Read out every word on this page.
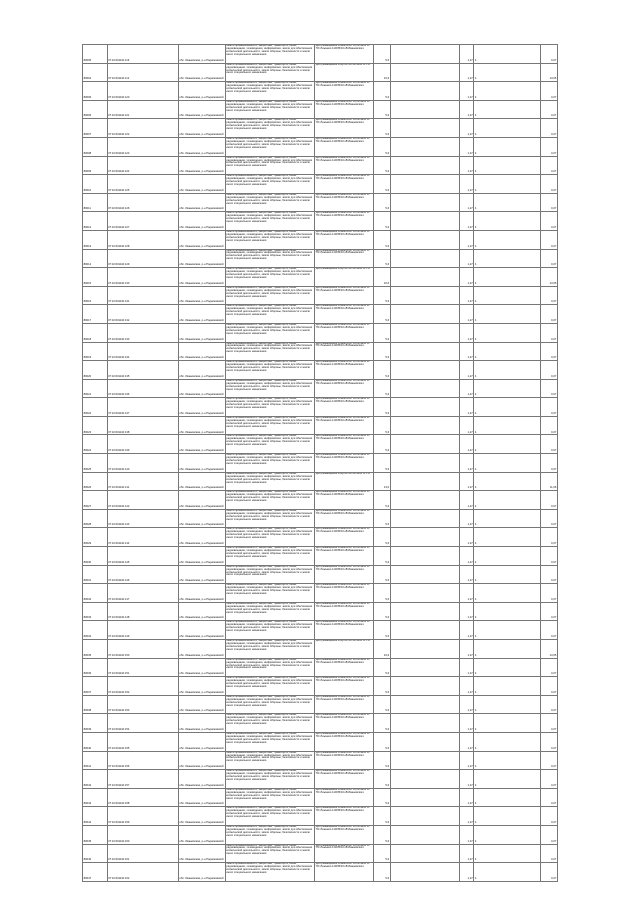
80005	37:10:001110:119	обл. Ивановская, р-н Родниковский	Земли промышленности, энергетики, транспорта, связи, радиовещания, телевидения, информатики, земли для обеспечения космической деятельности, земли обороны, безопасности и земли иного специального назначения	Для размещения объекта ВЛ 10 кВ №41 от ПС Лежнево 110/35/10 кВ Ивановского	5,6		1,27	4	0,07
80004	37:10:001110:112	обл. Ивановская, р-н Родниковский	Земли промышленности, энергетики, транспорта, связи, радиовещания, телевидения, информатики, земли для обеспечения космической деятельности, земли обороны, безопасности и земли иного специального назначения	Для размещения опор ВЛ-10 кВ №41 от ПС	16,6		1,27	4	13,65
80006	37:10:001110:120	обл. Ивановская, р-н Родниковский	Земли промышленности, энергетики, транспорта, связи, радиовещания, телевидения, информатики, земли для обеспечения космической деятельности, земли обороны, безопасности и земли иного специального назначения	Для размещения объекта ВЛ 10 кВ №41 от ПС Лежнево 110/35/10 кВ Ивановского	5,6		1,27	4	0,07
80006	37:10:001110:121	обл. Ивановская, р-н Родниковский	Земли промышленности, энергетики, транспорта, связи, радиовещания, телевидения, информатики, земли для обеспечения космической деятельности, земли обороны, безопасности и земли иного специального назначения	Для размещения объекта ВЛ 10 кВ №41 от ПС Лежнево 110/35/10 кВ Ивановского	5,6		1,27	4	0,07
80007	37:10:001110:122	обл. Ивановская, р-н Родниковский	Земли промышленности, энергетики, транспорта, связи, радиовещания, телевидения, информатики, земли для обеспечения космической деятельности, земли обороны, безопасности и земли иного специального назначения	Для размещения объекта ВЛ 10 кВ №41 от ПС Лежнево 110/35/10 кВ Ивановского	5,6		1,27	4	0,07
80008	37:10:001110:123	обл. Ивановская, р-н Родниковский	Земли промышленности, энергетики, транспорта, связи, радиовещания, телевидения, информатики, земли для обеспечения космической деятельности, земли обороны, безопасности и земли иного специального назначения	Для размещения объекта ВЛ 10 кВ №41 от ПС Лежнево 110/35/10 кВ Ивановского	5,6		1,27	4	0,07
80009	37:10:001110:124	обл. Ивановская, р-н Родниковский	Земли промышленности, энергетики, транспорта, связи, радиовещания, телевидения, информатики, земли для обеспечения космической деятельности, земли обороны, безопасности и земли иного специального назначения	Для размещения объекта ВЛ 10 кВ №41 от ПС Лежнево 110/35/10 кВ Ивановского	5,6		1,27	4	0,07
80010	37:10:001110:125	обл. Ивановская, р-н Родниковский	Земли промышленности, энергетики, транспорта, связи, радиовещания, телевидения, информатики, земли для обеспечения космической деятельности, земли обороны, безопасности и земли иного специального назначения	Для размещения объекта ВЛ 10 кВ №41 от ПС Лежнево 110/35/10 кВ Ивановского	5,6		1,27	4	0,07
80011	37:10:001110:126	обл. Ивановская, р-н Родниковский	Земли промышленности, энергетики, транспорта, связи, радиовещания, телевидения, информатики, земли для обеспечения космической деятельности, земли обороны, безопасности и земли иного специального назначения	Для размещения объекта ВЛ 10 кВ №41 от ПС Лежнево 110/35/10 кВ Ивановского	5,6		1,27	4	0,07
80012	37:10:001110:127	обл. Ивановская, р-н Родниковский	Земли промышленности, энергетики, транспорта, связи, радиовещания, телевидения, информатики, земли для обеспечения космической деятельности, земли обороны, безопасности и земли иного специального назначения	Для размещения объекта ВЛ 10 кВ №41 от ПС Лежнево 110/35/10 кВ Ивановского	5,6		1,27	4	0,07
80013	37:10:001110:128	обл. Ивановская, р-н Родниковский	Земли промышленности, энергетики, транспорта, связи, радиовещания, телевидения, информатики, земли для обеспечения космической деятельности, земли обороны, безопасности и земли иного специального назначения	Для размещения объекта ВЛ 10 кВ №41 от ПС Лежнево 110/35/10 кВ Ивановского	5,6		1,27	4	0,07
80014	37:10:001110:129	обл. Ивановская, р-н Родниковский	Земли промышленности, энергетики, транспорта, связи, радиовещания, телевидения, информатики, земли для обеспечения космической деятельности, земли обороны, безопасности и земли иного специального назначения	Для размещения объекта ВЛ 10 кВ №41 от ПС Лежнево 110/35/10 кВ Ивановского	5,6		1,27	4	0,07
80015	37:10:001110:130	обл. Ивановская, р-н Родниковский	Земли промышленности, энергетики, транспорта, связи, радиовещания, телевидения, информатики, земли для обеспечения космической деятельности, земли обороны, безопасности и земли иного специального назначения	Для размещения опор ВЛ-10 кВ №41 от ПС	16,6		1,27	4	13,65
80016	37:10:001110:131	обл. Ивановская, р-н Родниковский	Земли промышленности, энергетики, транспорта, связи, радиовещания, телевидения, информатики, земли для обеспечения космической деятельности, земли обороны, безопасности и земли иного специального назначения	Для размещения объекта ВЛ 10 кВ №41 от ПС Лежнево 110/35/10 кВ Ивановского	5,6		1,27	4	0,07
80017	37:10:001110:132	обл. Ивановская, р-н Родниковский	Земли промышленности, энергетики, транспорта, связи, радиовещания, телевидения, информатики, земли для обеспечения космической деятельности, земли обороны, безопасности и земли иного специального назначения	Для размещения объекта ВЛ 10 кВ №41 от ПС Лежнево 110/35/10 кВ Ивановского	5,6		1,27	4	0,07
80018	37:10:001110:133	обл. Ивановская, р-н Родниковский	Земли промышленности, энергетики, транспорта, связи, радиовещания, телевидения, информатики, земли для обеспечения космической деятельности, земли обороны, безопасности и земли иного специального назначения	Для размещения объекта ВЛ 10 кВ №41 от ПС Лежнево 110/35/10 кВ Ивановского	5,6		1,27	4	0,07
80019	37:10:001110:134	обл. Ивановская, р-н Родниковский	Земли промышленности, энергетики, транспорта, связи, радиовещания, телевидения, информатики, земли для обеспечения космической деятельности, земли обороны, безопасности и земли иного специального назначения	Для размещения объекта ВЛ 10 кВ №41 от ПС Лежнево 110/35/10 кВ Ивановского	5,6		1,27	4	0,07
80020	37:10:001110:135	обл. Ивановская, р-н Родниковский	Земли промышленности, энергетики, транспорта, связи, радиовещания, телевидения, информатики, земли для обеспечения космической деятельности, земли обороны, безопасности и земли иного специального назначения	Для размещения объекта ВЛ 10 кВ №41 от ПС Лежнево 110/35/10 кВ Ивановского	5,6		1,27	4	0,07
80021	37:10:001110:136	обл. Ивановская, р-н Родниковский	Земли промышленности, энергетики, транспорта, связи, радиовещания, телевидения, информатики, земли для обеспечения космической деятельности, земли обороны, безопасности и земли иного специального назначения	Для размещения объекта ВЛ 10 кВ №41 от ПС Лежнево 110/35/10 кВ Ивановского	5,6		1,27	4	0,07
80022	37:10:001110:137	обл. Ивановская, р-н Родниковский	Земли промышленности, энергетики, транспорта, связи, радиовещания, телевидения, информатики, земли для обеспечения космической деятельности, земли обороны, безопасности и земли иного специального назначения	Для размещения объекта ВЛ 10 кВ №41 от ПС Лежнево 110/35/10 кВ Ивановского	5,6		1,27	4	0,07
80023	37:10:001110:138	обл. Ивановская, р-н Родниковский	Земли промышленности, энергетики, транспорта, связи, радиовещания, телевидения, информатики, земли для обеспечения космической деятельности, земли обороны, безопасности и земли иного специального назначения	Для размещения объекта ВЛ 10 кВ №41 от ПС Лежнево 110/35/10 кВ Ивановского	5,6		1,27	4	0,07
80024	37:10:001110:139	обл. Ивановская, р-н Родниковский	Земли промышленности, энергетики, транспорта, связи, радиовещания, телевидения, информатики, земли для обеспечения космической деятельности, земли обороны, безопасности и земли иного специального назначения	Для размещения объекта ВЛ 10 кВ №41 от ПС Лежнево 110/35/10 кВ Ивановского	5,6		1,27	4	0,07
80025	37:10:001110:140	обл. Ивановская, р-н Родниковский	Земли промышленности, энергетики, транспорта, связи, радиовещания, телевидения, информатики, земли для обеспечения космической деятельности, земли обороны, безопасности и земли иного специального назначения	Для размещения объекта ВЛ 10 кВ №41 от ПС Лежнево 110/35/10 кВ Ивановского	5,6		1,27	4	0,07
80026	37:10:001110:141	обл. Ивановская, р-н Родниковский	Земли промышленности, энергетики, транспорта, связи, радиовещания, телевидения, информатики, земли для обеспечения космической деятельности, земли обороны, безопасности и земли иного специального назначения	Для размещения опор ВЛ-10 кВ №41 от ПС	13,0		1,27	4	11,06
80027	37:10:001110:142	обл. Ивановская, р-н Родниковский	Земли промышленности, энергетики, транспорта, связи, радиовещания, телевидения, информатики, земли для обеспечения космической деятельности, земли обороны, безопасности и земли иного специального назначения	Для размещения объекта ВЛ 10 кВ №41 от ПС Лежнево 110/35/10 кВ Ивановского	5,6		1,27	4	0,07
80028	37:10:001110:143	обл. Ивановская, р-н Родниковский	Земли промышленности, энергетики, транспорта, связи, радиовещания, телевидения, информатики, земли для обеспечения космической деятельности, земли обороны, безопасности и земли иного специального назначения	Для размещения объекта ВЛ 10 кВ №41 от ПС Лежнево 110/35/10 кВ Ивановского	5,6		1,27	4	0,07
80029	37:10:001110:144	обл. Ивановская, р-н Родниковский	Земли промышленности, энергетики, транспорта, связи, радиовещания, телевидения, информатики, земли для обеспечения космической деятельности, земли обороны, безопасности и земли иного специального назначения	Для размещения объекта ВЛ 10 кВ №41 от ПС Лежнево 110/35/10 кВ Ивановского	5,6		1,27	4	0,07
80030	37:10:001110:145	обл. Ивановская, р-н Родниковский	Земли промышленности, энергетики, транспорта, связи, радиовещания, телевидения, информатики, земли для обеспечения космической деятельности, земли обороны, безопасности и земли иного специального назначения	Для размещения объекта ВЛ 10 кВ №41 от ПС Лежнево 110/35/10 кВ Ивановского	5,6		1,27	4	0,07
80031	37:10:001110:146	обл. Ивановская, р-н Родниковский	Земли промышленности, энергетики, транспорта, связи, радиовещания, телевидения, информатики, земли для обеспечения космической деятельности, земли обороны, безопасности и земли иного специального назначения	Для размещения объекта ВЛ 10 кВ №41 от ПС Лежнево 110/35/10 кВ Ивановского	5,6		1,27	4	0,07
80032	37:10:001110:147	обл. Ивановская, р-н Родниковский	Земли промышленности, энергетики, транспорта, связи, радиовещания, телевидения, информатики, земли для обеспечения космической деятельности, земли обороны, безопасности и земли иного специального назначения	Для размещения объекта ВЛ 10 кВ №41 от ПС Лежнево 110/35/10 кВ Ивановского	5,6		1,27	4	0,07
80033	37:10:001110:148	обл. Ивановская, р-н Родниковский	Земли промышленности, энергетики, транспорта, связи, радиовещания, телевидения, информатики, земли для обеспечения космической деятельности, земли обороны, безопасности и земли иного специального назначения	Для размещения объекта ВЛ 10 кВ №41 от ПС Лежнево 110/35/10 кВ Ивановского	5,6		1,27	4	0,07
80034	37:10:001110:149	обл. Ивановская, р-н Родниковский	Земли промышленности, энергетики, транспорта, связи, радиовещания, телевидения, информатики, земли для обеспечения космической деятельности, земли обороны, безопасности и земли иного специального назначения	Для размещения объекта ВЛ 10 кВ №41 от ПС Лежнево 110/35/10 кВ Ивановского	5,6		1,27	4	0,07
80035	37:10:001110:150	обл. Ивановская, р-н Родниковский	Земли промышленности, энергетики, транспорта, связи, радиовещания, телевидения, информатики, земли для обеспечения космической деятельности, земли обороны, безопасности и земли иного специального назначения	Для размещения опор ВЛ-10 кВ №41 от ПС	16,6		1,27	4	13,65
80036	37:10:001110:151	обл. Ивановская, р-н Родниковский	Земли промышленности, энергетики, транспорта, связи, радиовещания, телевидения, информатики, земли для обеспечения космической деятельности, земли обороны, безопасности и земли иного специального назначения	Для размещения объекта ВЛ 10 кВ №41 от ПС Лежнево 110/35/10 кВ Ивановского	5,6		1,27	4	0,07
80037	37:10:001110:152	обл. Ивановская, р-н Родниковский	Земли промышленности, энергетики, транспорта, связи, радиовещания, телевидения, информатики, земли для обеспечения космической деятельности, земли обороны, безопасности и земли иного специального назначения	Для размещения объекта ВЛ 10 кВ №41 от ПС Лежнево 110/35/10 кВ Ивановского	5,6		1,27	4	0,07
80038	37:10:001110:153	обл. Ивановская, р-н Родниковский	Земли промышленности, энергетики, транспорта, связи, радиовещания, телевидения, информатики, земли для обеспечения космической деятельности, земли обороны, безопасности и земли иного специального назначения	Для размещения объекта ВЛ 10 кВ №41 от ПС Лежнево 110/35/10 кВ Ивановского	5,6		1,27	4	0,07
80039	37:10:001110:154	обл. Ивановская, р-н Родниковский	Земли промышленности, энергетики, транспорта, связи, радиовещания, телевидения, информатики, земли для обеспечения космической деятельности, земли обороны, безопасности и земли иного специального назначения	Для размещения объекта ВЛ 10 кВ №41 от ПС Лежнево 110/35/10 кВ Ивановского	5,6		1,27	4	0,07
80040	37:10:001110:155	обл. Ивановская, р-н Родниковский	Земли промышленности, энергетики, транспорта, связи, радиовещания, телевидения, информатики, земли для обеспечения космической деятельности, земли обороны, безопасности и земли иного специального назначения	Для размещения объекта ВЛ 10 кВ №41 от ПС Лежнево 110/35/10 кВ Ивановского	5,6		1,27	4	0,07
80041	37:10:001110:156	обл. Ивановская, р-н Родниковский	Земли промышленности, энергетики, транспорта, связи, радиовещания, телевидения, информатики, земли для обеспечения космической деятельности, земли обороны, безопасности и земли иного специального назначения	Для размещения объекта ВЛ 10 кВ №41 от ПС Лежнево 110/35/10 кВ Ивановского	5,6		1,27	4	0,07
80042	37:10:001110:157	обл. Ивановская, р-н Родниковский	Земли промышленности, энергетики, транспорта, связи, радиовещания, телевидения, информатики, земли для обеспечения космической деятельности, земли обороны, безопасности и земли иного специального назначения	Для размещения объекта ВЛ 10 кВ №41 от ПС Лежнево 110/35/10 кВ Ивановского	5,6		1,27	4	0,07
80043	37:10:001110:158	обл. Ивановская, р-н Родниковский	Земли промышленности, энергетики, транспорта, связи, радиовещания, телевидения, информатики, земли для обеспечения космической деятельности, земли обороны, безопасности и земли иного специального назначения	Для размещения объекта ВЛ 10 кВ №41 от ПС Лежнево 110/35/10 кВ Ивановского	5,6		1,27	4	0,07
80044	37:10:001110:159	обл. Ивановская, р-н Родниковский	Земли промышленности, энергетики, транспорта, связи, радиовещания, телевидения, информатики, земли для обеспечения космической деятельности, земли обороны, безопасности и земли иного специального назначения	Для размещения объекта ВЛ 10 кВ №41 от ПС Лежнево 110/35/10 кВ Ивановского	5,6		1,27	4	0,07
80045	37:10:001110:160	обл. Ивановская, р-н Родниковский	Земли промышленности, энергетики, транспорта, связи, радиовещания, телевидения, информатики, земли для обеспечения космической деятельности, земли обороны, безопасности и земли иного специального назначения	Для размещения объекта ВЛ 10 кВ №41 от ПС Лежнево 110/35/10 кВ Ивановского	5,6		1,27	4	0,07
80046	37:10:001110:161	обл. Ивановская, р-н Родниковский	Земли промышленности, энергетики, транспорта, связи, радиовещания, телевидения, информатики, земли для обеспечения космической деятельности, земли обороны, безопасности и земли иного специального назначения	Для размещения объекта ВЛ 10 кВ №41 от ПС Лежнево 110/35/10 кВ Ивановского	5,6		1,27	4	0,07
80047	37:10:001110:162	обл. Ивановская, р-н Родниковский	Земли промышленности, энергетики, транспорта, связи, радиовещания, телевидения, информатики, земли для обеспечения космической деятельности, земли обороны, безопасности и земли иного специального назначения	Для размещения объекта ВЛ 10 кВ №41 от ПС Лежнево 110/35/10 кВ Ивановского	5,6		1,27	4	0,07
